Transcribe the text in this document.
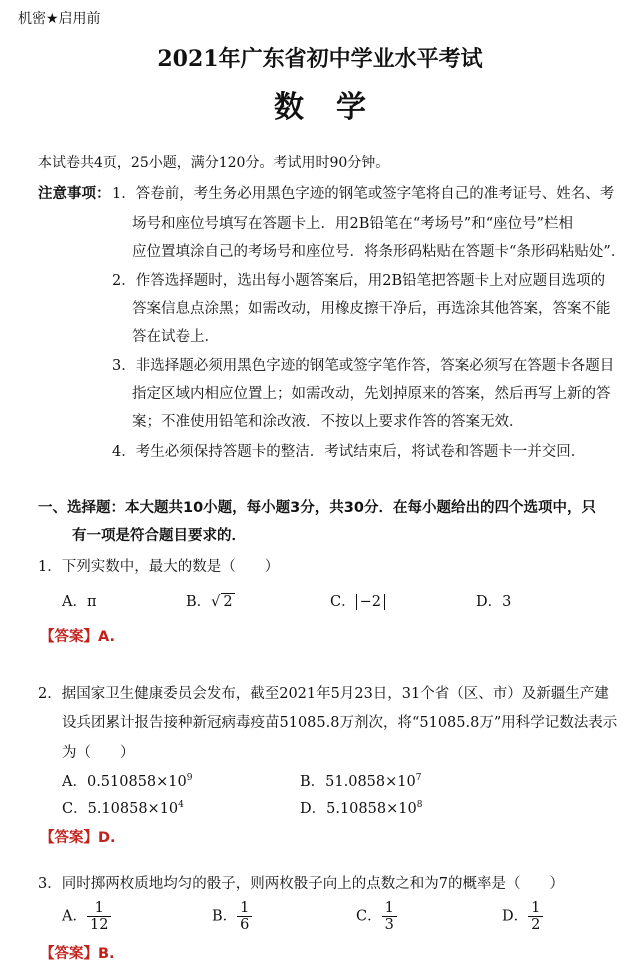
机密★启用前
2021年广东省初中学业水平考试
数学
本试卷共4页，25小题，满分120分。考试用时90分钟。
注意事项： 1．答卷前，考生务必用黑色字迹的钢笔或签字笔将自己的准考证号、姓名、考
场号和座位号填写在答题卡上．用2B铅笔在“考场号”和“座位号”栏相
应位置填涂自己的考场号和座位号．将条形码粘贴在答题卡“条形码粘贴处”．
2．作答选择题时，选出每小题答案后，用2B铅笔把答题卡上对应题目选项的
答案信息点涂黑；如需改动，用橡皮擦干净后，再选涂其他答案，答案不能
答在试卷上．
3．非选择题必须用黑色字迹的钢笔或签字笔作答，答案必须写在答题卡各题目
指定区域内相应位置上；如需改动，先划掉原来的答案，然后再写上新的答
案；不准使用铅笔和涂改液．不按以上要求作答的答案无效．
4．考生必须保持答题卡的整洁．考试结束后，将试卷和答题卡一并交回．
一、选择题：本大题共10小题，每小题3分，共30分．在每小题给出的四个选项中，只
有一项是符合题目要求的．
1．下列实数中，最大的数是（　　）
A．π	B．√ 2	C． −2	D．3
【答案】A.
2．据国家卫生健康委员会发布，截至2021年5月23日，31个省（区、市）及新疆生产建
设兵团累计报告接种新冠病毒疫苗51085.8万剂次，将“51085.8万”用科学记数法表示
为（　　）
A．$0.510858\times 10^9$	B．$51.0858\times 10^7$
C．$5.10858\times 10^4$	D．$5.10858\times 10^8$
【答案】D.
3．同时掷两枚质地均匀的骰子，则两枚骰子向上的点数之和为7的概率是（　　）
A． $\frac{1}{12}$	B． $\frac{1}{6}$	C． $\frac{1}{3}$	D． $\frac{1}{2}$
【答案】B.
